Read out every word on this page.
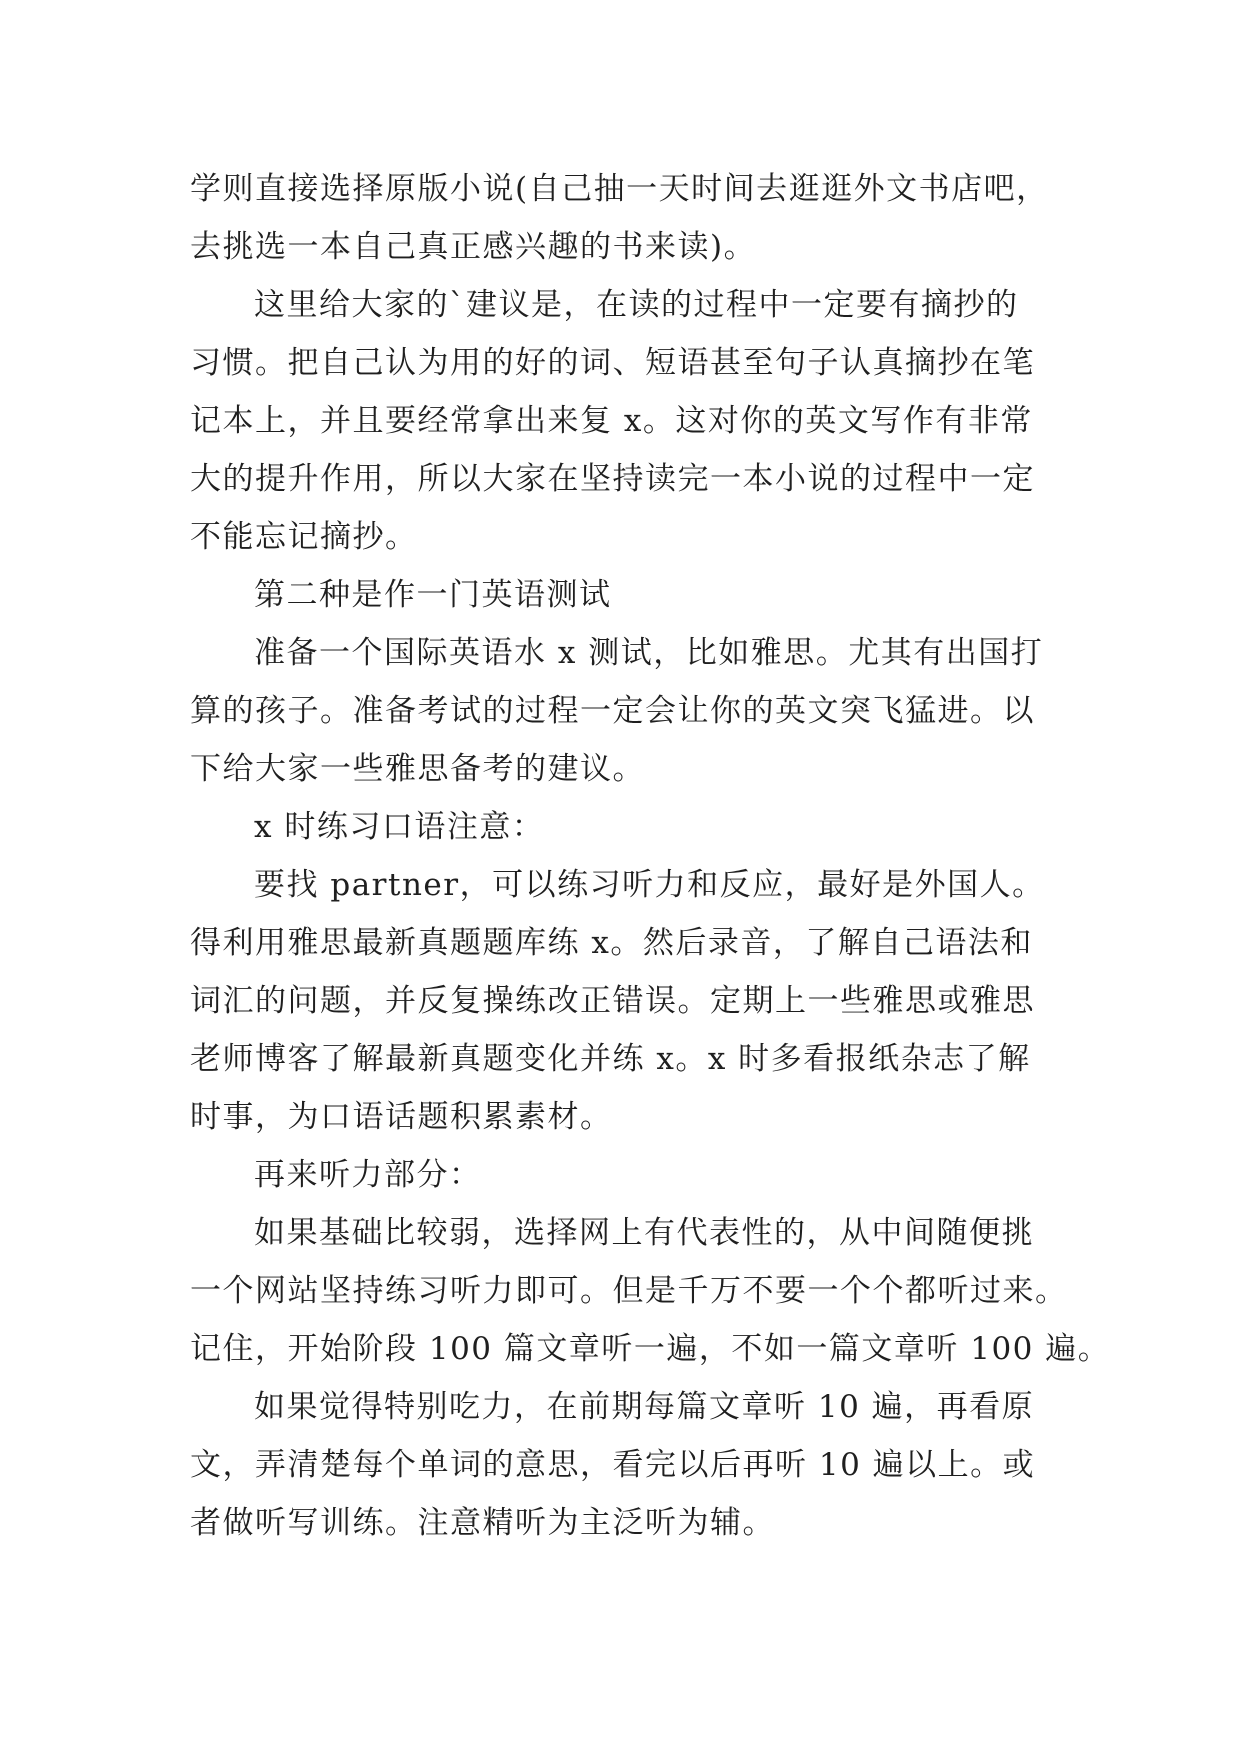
学则直接选择原版小说(自己抽一天时间去逛逛外文书店吧，
去挑选一本自己真正感兴趣的书来读)。
这里给大家的`建议是，在读的过程中一定要有摘抄的
习惯。把自己认为用的好的词、短语甚至句子认真摘抄在笔
记本上，并且要经常拿出来复 x。这对你的英文写作有非常
大的提升作用，所以大家在坚持读完一本小说的过程中一定
不能忘记摘抄。
第二种是作一门英语测试
准备一个国际英语水 x 测试，比如雅思。尤其有出国打
算的孩子。准备考试的过程一定会让你的英文突飞猛进。以
下给大家一些雅思备考的建议。
x 时练习口语注意：
要找 partner，可以练习听力和反应，最好是外国人。
得利用雅思最新真题题库练 x。然后录音，了解自己语法和
词汇的问题，并反复操练改正错误。定期上一些雅思或雅思
老师博客了解最新真题变化并练 x。x 时多看报纸杂志了解
时事，为口语话题积累素材。
再来听力部分：
如果基础比较弱，选择网上有代表性的，从中间随便挑
一个网站坚持练习听力即可。但是千万不要一个个都听过来。
记住，开始阶段 100 篇文章听一遍，不如一篇文章听 100 遍。
如果觉得特别吃力，在前期每篇文章听 10 遍，再看原
文，弄清楚每个单词的意思，看完以后再听 10 遍以上。或
者做听写训练。注意精听为主泛听为辅。
